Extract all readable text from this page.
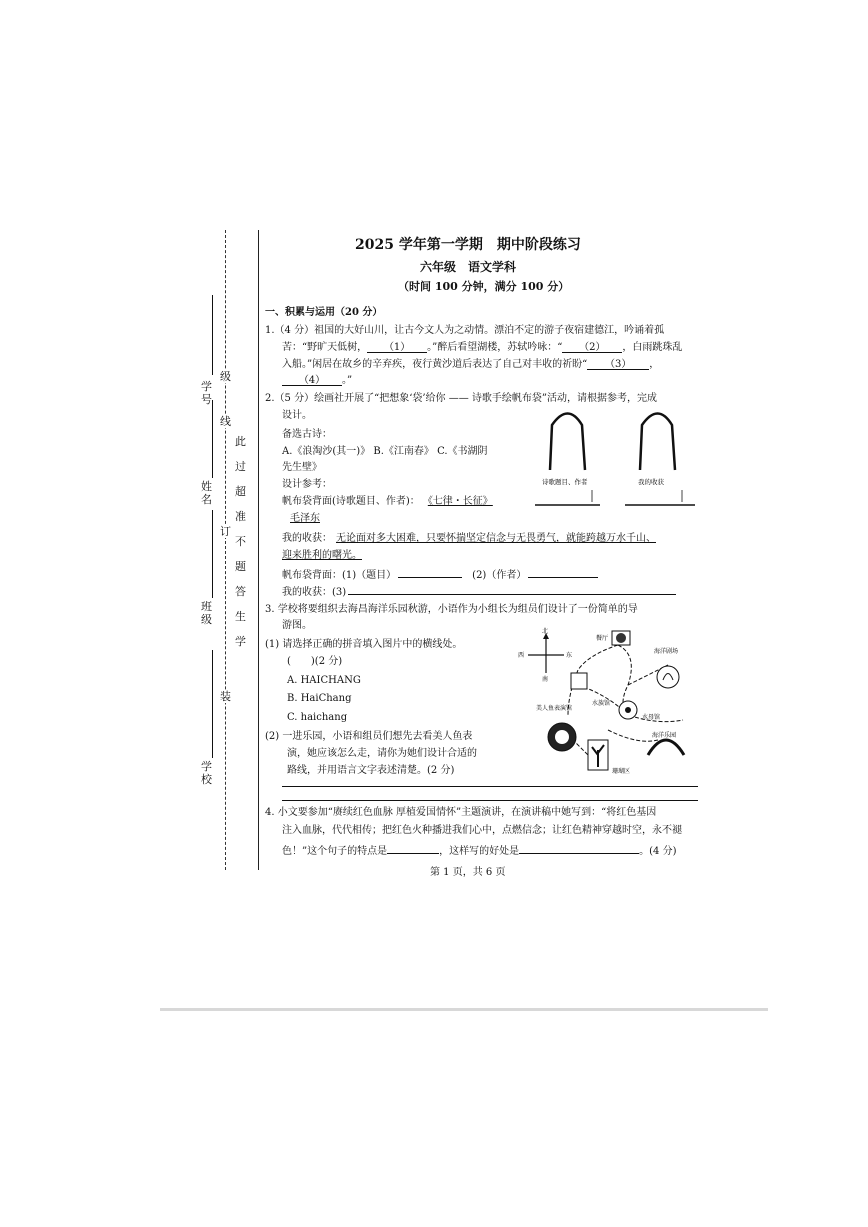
学号
姓名
班级
学校
级
线
订
装
此
过
超
准
不
题
答
生
学
2025 学年第一学期　期中阶段练习
六年级　语文学科
（时间 100 分钟，满分 100 分）
一、积累与运用（20 分）
1.（4 分）祖国的大好山川，让古今文人为之动情。漂泊不定的游子夜宿建德江，吟诵着孤
苦：“野旷天低树， （1） 。”醉后看望湖楼，苏轼吟咏：“ （2） ，白雨跳珠乱
入船。”闲居在故乡的辛弃疾，夜行黄沙道后表达了自己对丰收的祈盼“ （3） ，
（4） 。”
2.（5 分）绘画社开展了“把想象‘袋’给你 —— 诗歌手绘帆布袋”活动，请根据参考，完成
设计。
备选古诗：
A.《浪淘沙(其一)》 B.《江南春》 C.《书湖阴
先生壁》
设计参考：
帆布袋背面(诗歌题目、作者)： 《七律・长征》
毛泽东
我的收获： 无论面对多大困难，只要怀揣坚定信念与无畏勇气，就能跨越万水千山、
迎来胜利的曙光。
帆布袋背面：(1)（题目）	(2)（作者）
我的收获：(3)
诗歌题目、作者	我的收获
3. 学校将要组织去海昌海洋乐园秋游，小语作为小组长为组员们设计了一份简单的导
游图。
(1) 请选择正确的拼音填入图片中的横线处。
(　　)(2 分)
A. HAICHANG
B. HaiChang
C. haichang
(2) 一进乐园，小语和组员们想先去看美人鱼表
演，她应该怎么走，请你为她们设计合适的
路线，并用语言文字表述清楚。(2 分)
北
南
西	东
餐厅
海洋剧场
水族馆
水母馆
美人鱼表演馆
海洋乐园
珊瑚区
4. 小文要参加“赓续红色血脉 厚植爱国情怀”主题演讲，在演讲稿中她写到：“将红色基因
注入血脉，代代相传；把红色火种播进我们心中，点燃信念；让红色精神穿越时空，永不褪
色！”这个句子的特点是	，这样写的好处是	。(4 分)
第 1 页，共 6 页
